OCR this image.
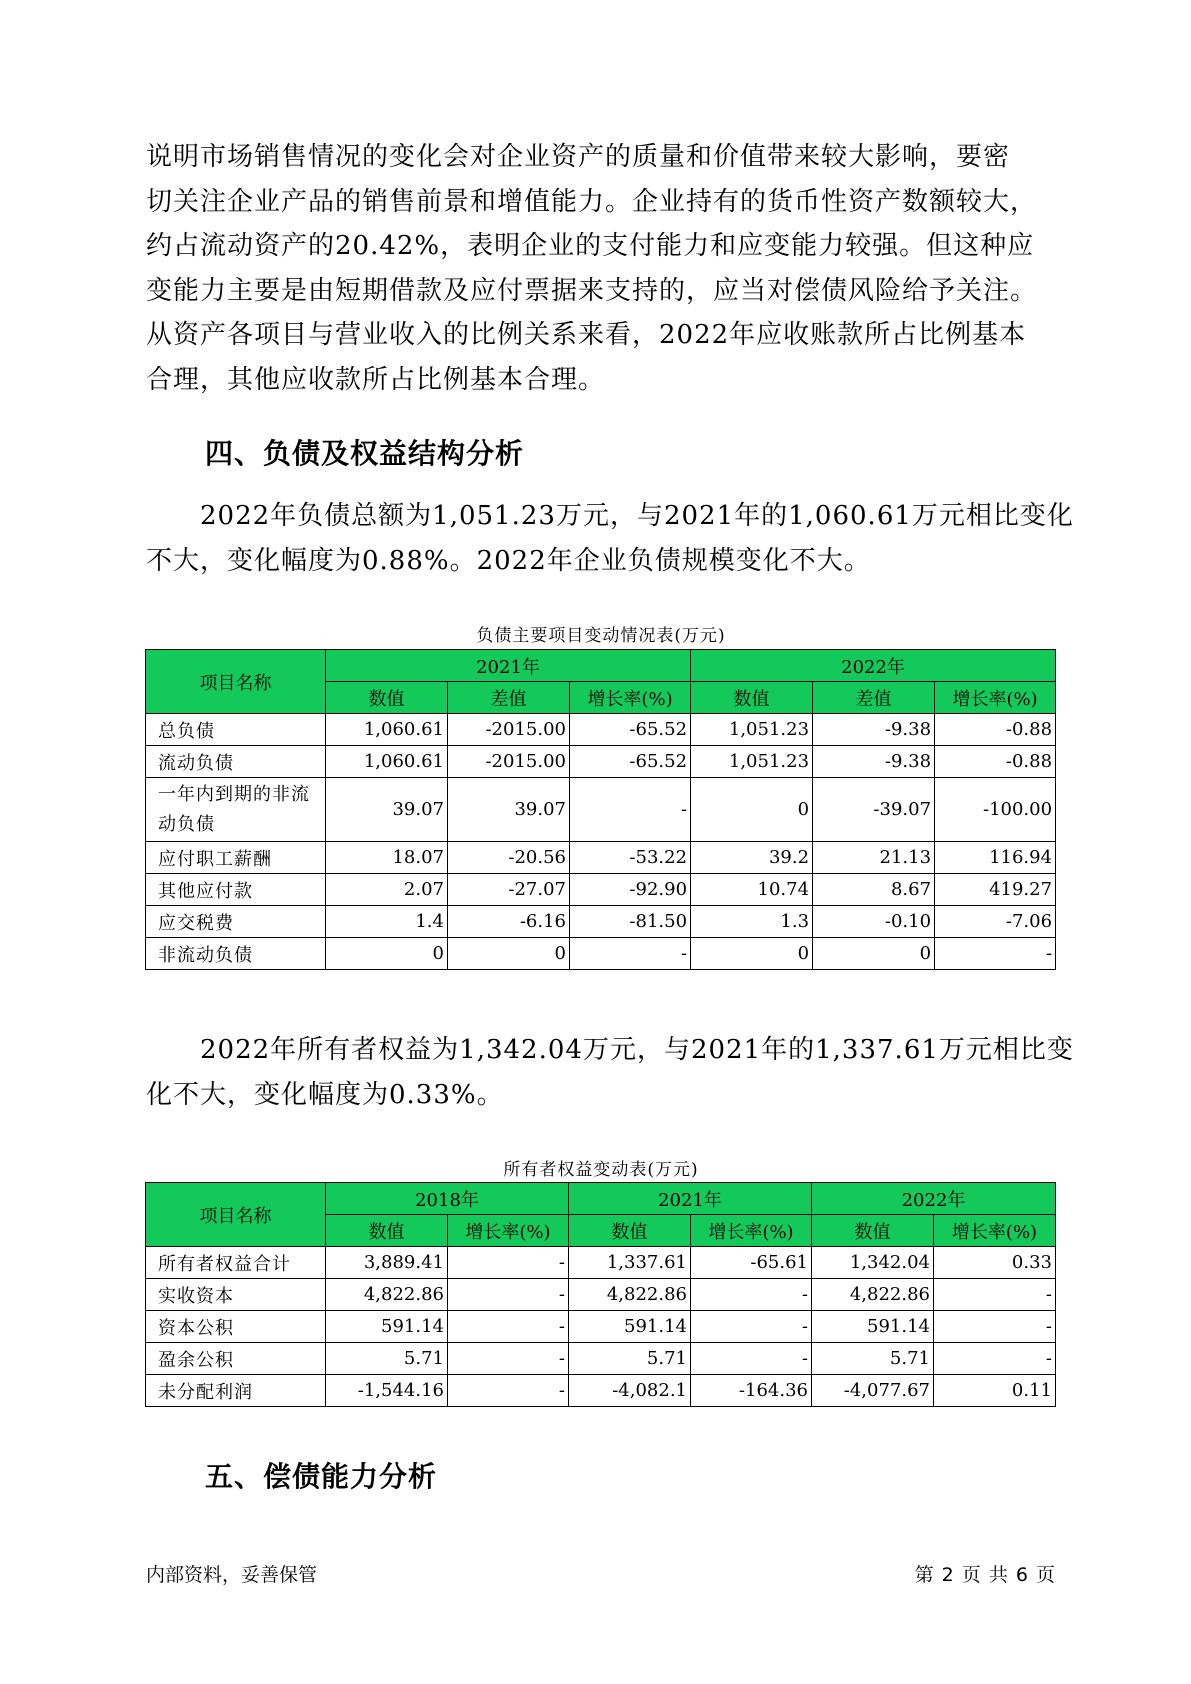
说明市场销售情况的变化会对企业资产的质量和价值带来较大影响，要密
切关注企业产品的销售前景和增值能力。企业持有的货币性资产数额较大，
约占流动资产的20.42%，表明企业的支付能力和应变能力较强。但这种应
变能力主要是由短期借款及应付票据来支持的，应当对偿债风险给予关注。
从资产各项目与营业收入的比例关系来看，2022年应收账款所占比例基本
合理，其他应收款所占比例基本合理。
四、负债及权益结构分析
2022年负债总额为1,051.23万元，与2021年的1,060.61万元相比变化
不大，变化幅度为0.88%。2022年企业负债规模变化不大。
负债主要项目变动情况表(万元)
项目名称	2021年			2022年		
	数值	差值	增长率(%)	数值	差值	增长率(%)
总负债	1,060.61	-2015.00	-65.52	1,051.23	-9.38	-0.88
流动负债	1,060.61	-2015.00	-65.52	1,051.23	-9.38	-0.88
一年内到期的非流动负债	39.07	39.07	-	0	-39.07	-100.00
应付职工薪酬	18.07	-20.56	-53.22	39.2	21.13	116.94
其他应付款	2.07	-27.07	-92.90	10.74	8.67	419.27
应交税费	1.4	-6.16	-81.50	1.3	-0.10	-7.06
非流动负债	0	0	-	0	0	-
2022年所有者权益为1,342.04万元，与2021年的1,337.61万元相比变
化不大，变化幅度为0.33%。
所有者权益变动表(万元)
项目名称	2018年		2021年		2022年	
	数值	增长率(%)	数值	增长率(%)	数值	增长率(%)
所有者权益合计	3,889.41	-	1,337.61	-65.61	1,342.04	0.33
实收资本	4,822.86	-	4,822.86	-	4,822.86	-
资本公积	591.14	-	591.14	-	591.14	-
盈余公积	5.71	-	5.71	-	5.71	-
未分配利润	-1,544.16	-	-4,082.1	-164.36	-4,077.67	0.11
五、偿债能力分析
内部资料，妥善保管	第 2 页 共 6 页
